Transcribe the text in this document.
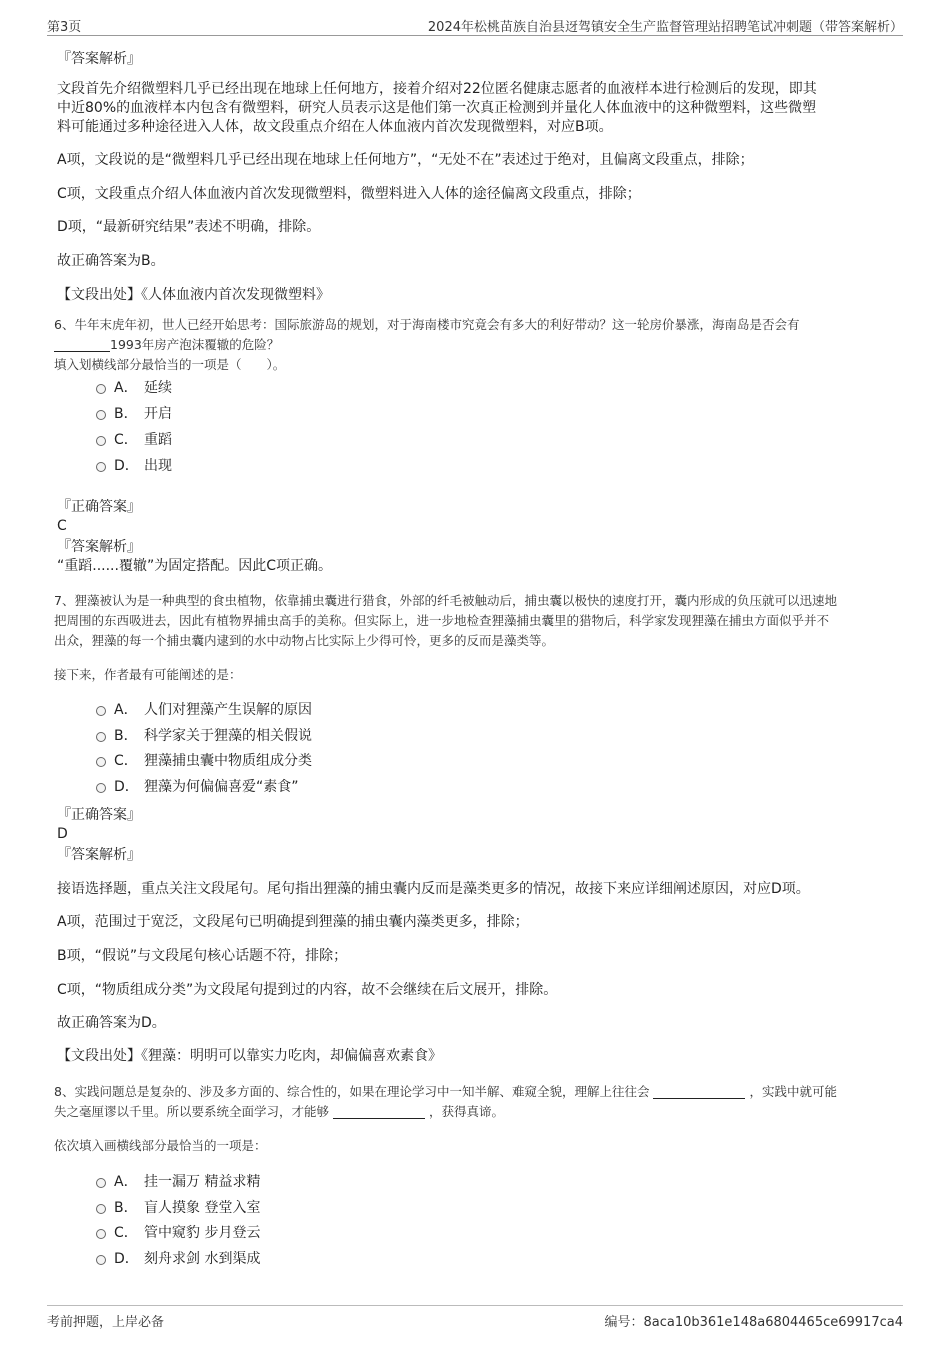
第3页	2024年松桃苗族自治县迓驾镇安全生产监督管理站招聘笔试冲刺题（带答案解析）
『答案解析』
文段首先介绍微塑料几乎已经出现在地球上任何地方，接着介绍对22位匿名健康志愿者的血液样本进行检测后的发现，即其
中近80%的血液样本内包含有微塑料，研究人员表示这是他们第一次真正检测到并量化人体血液中的这种微塑料，这些微塑
料可能通过多种途径进入人体，故文段重点介绍在人体血液内首次发现微塑料，对应B项。
A项，文段说的是“微塑料几乎已经出现在地球上任何地方”，“无处不在”表述过于绝对，且偏离文段重点，排除；
C项，文段重点介绍人体血液内首次发现微塑料，微塑料进入人体的途径偏离文段重点，排除；
D项，“最新研究结果”表述不明确，排除。
故正确答案为B。
【文段出处】《人体血液内首次发现微塑料》
6、牛年末虎年初，世人已经开始思考：国际旅游岛的规划，对于海南楼市究竟会有多大的利好带动？这一轮房价暴涨，海南岛是否会有
1993年房产泡沫覆辙的危险？
填入划横线部分最恰当的一项是（　　）。
A． 延续
B． 开启
C． 重蹈
D． 出现
『正确答案』
C
『答案解析』
“重蹈......覆辙”为固定搭配。因此C项正确。
7、狸藻被认为是一种典型的食虫植物，依靠捕虫囊进行猎食，外部的纤毛被触动后，捕虫囊以极快的速度打开，囊内形成的负压就可以迅速地
把周围的东西吸进去，因此有植物界捕虫高手的美称。但实际上，进一步地检查狸藻捕虫囊里的猎物后，科学家发现狸藻在捕虫方面似乎并不
出众，狸藻的每一个捕虫囊内逮到的水中动物占比实际上少得可怜，更多的反而是藻类等。
接下来，作者最有可能阐述的是：
A． 人们对狸藻产生误解的原因
B． 科学家关于狸藻的相关假说
C． 狸藻捕虫囊中物质组成分类
D． 狸藻为何偏偏喜爱“素食”
『正确答案』
D
『答案解析』
接语选择题，重点关注文段尾句。尾句指出狸藻的捕虫囊内反而是藻类更多的情况，故接下来应详细阐述原因，对应D项。
A项，范围过于宽泛，文段尾句已明确提到狸藻的捕虫囊内藻类更多，排除；
B项，“假说”与文段尾句核心话题不符，排除；
C项，“物质组成分类”为文段尾句提到过的内容，故不会继续在后文展开，排除。
故正确答案为D。
【文段出处】《狸藻：明明可以靠实力吃肉，却偏偏喜欢素食》
8、实践问题总是复杂的、涉及多方面的、综合性的，如果在理论学习中一知半解、难窥全貌，理解上往往会	，实践中就可能
失之毫厘谬以千里。所以要系统全面学习，才能够	，获得真谛。
依次填入画横线部分最恰当的一项是：
A． 挂一漏万 精益求精
B． 盲人摸象 登堂入室
C． 管中窥豹 步月登云
D． 刻舟求剑 水到渠成
考前押题，上岸必备	编号：8aca10b361e148a6804465ce69917ca4
